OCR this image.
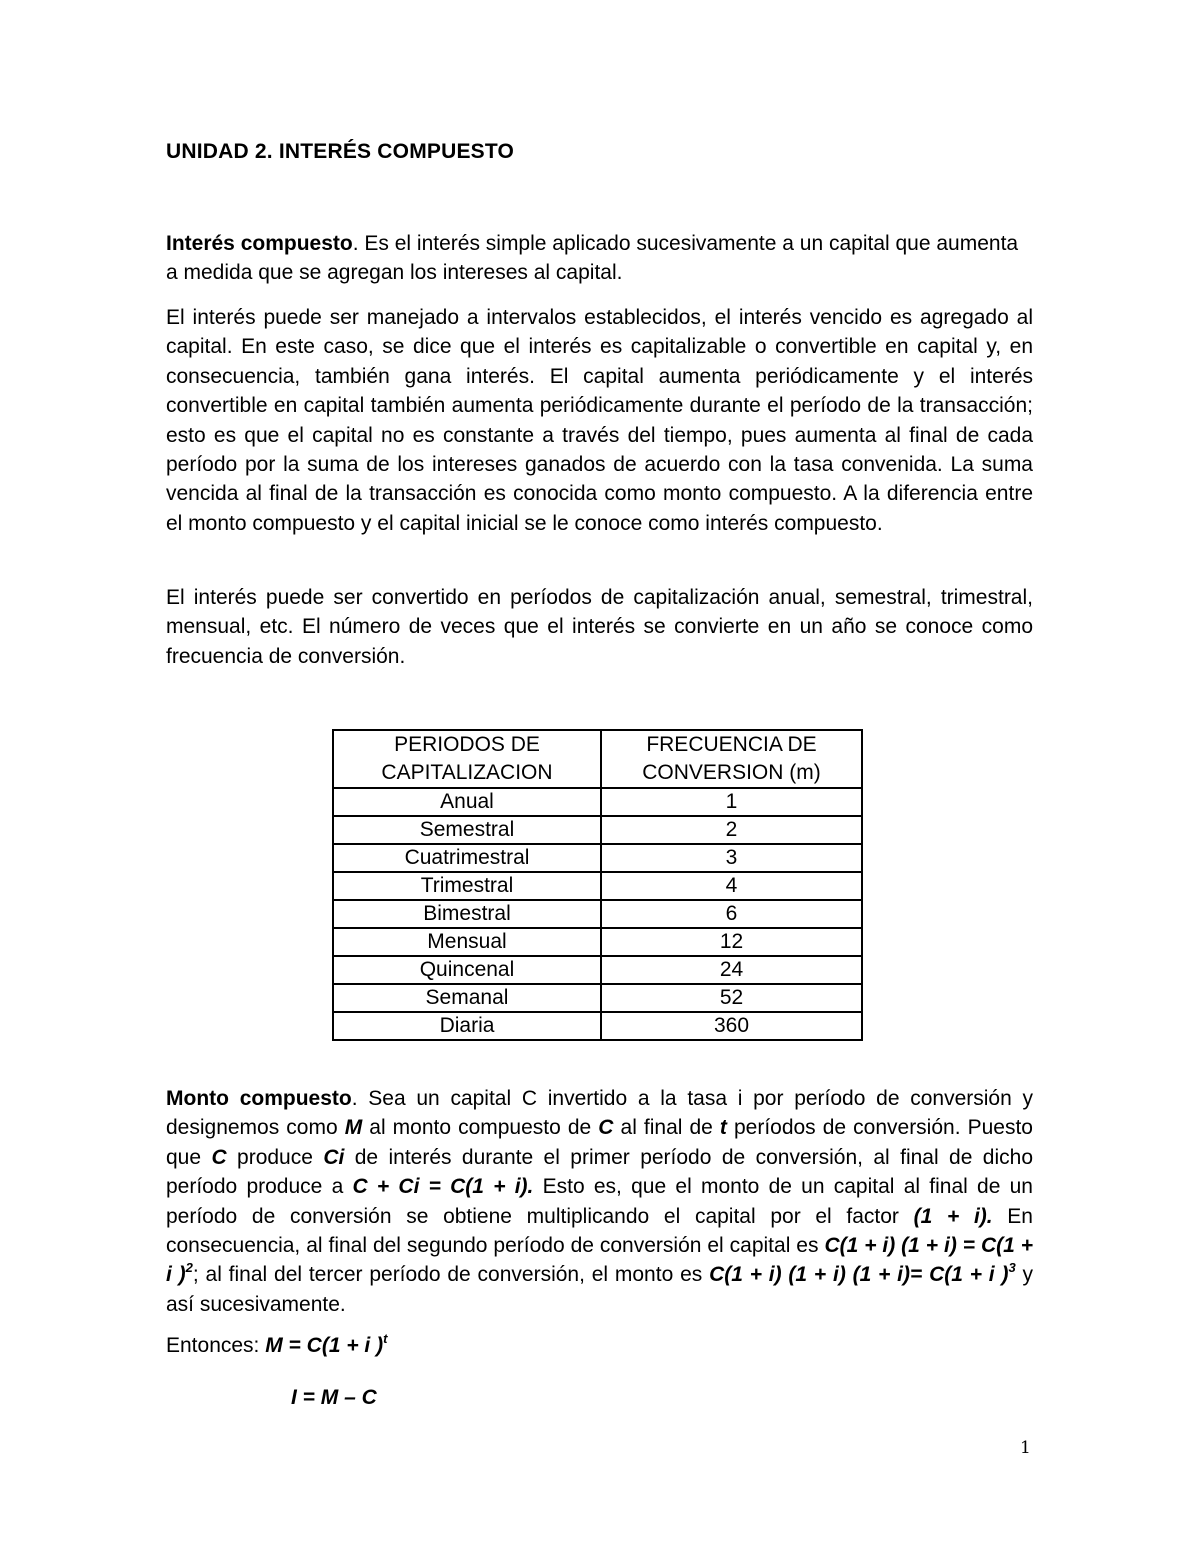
UNIDAD 2. INTERÉS COMPUESTO

Interés compuesto. Es el interés simple aplicado sucesivamente a un capital que aumenta a medida que se agregan los intereses al capital.

El interés puede ser manejado a intervalos establecidos, el interés vencido es agregado al capital. En este caso, se dice que el interés es capitalizable o convertible en capital y, en consecuencia, también gana interés. El capital aumenta periódicamente y el interés convertible en capital también aumenta periódicamente durante el período de la transacción; esto es que el capital no es constante a través del tiempo, pues aumenta al final de cada período por la suma de los intereses ganados de acuerdo con la tasa convenida. La suma vencida al final de la transacción es conocida como monto compuesto. A la diferencia entre el monto compuesto y el capital inicial se le conoce como interés compuesto.

El interés puede ser convertido en períodos de capitalización anual, semestral, trimestral, mensual, etc. El número de veces que el interés se convierte en un año se conoce como frecuencia de conversión.

PERIODOS DE CAPITALIZACION	FRECUENCIA DE CONVERSION (m)
Anual	1
Semestral	2
Cuatrimestral	3
Trimestral	4
Bimestral	6
Mensual	12
Quincenal	24
Semanal	52
Diaria	360

Monto compuesto. Sea un capital C invertido a la tasa i por período de conversión y designemos como M al monto compuesto de C al final de t períodos de conversión. Puesto que C produce Ci de interés durante el primer período de conversión, al final de dicho período produce a C + Ci = C(1 + i). Esto es, que el monto de un capital al final de un período de conversión se obtiene multiplicando el capital por el factor (1 + i). En consecuencia, al final del segundo período de conversión el capital es C(1 + i) (1 + i) = C(1 + i )$^2$; al final del tercer período de conversión, el monto es C(1 + i) (1 + i) (1 + i)= C(1 + i )$^3$ y así sucesivamente.

Entonces: M = C(1 + i )$^t$
I = M – C
1
